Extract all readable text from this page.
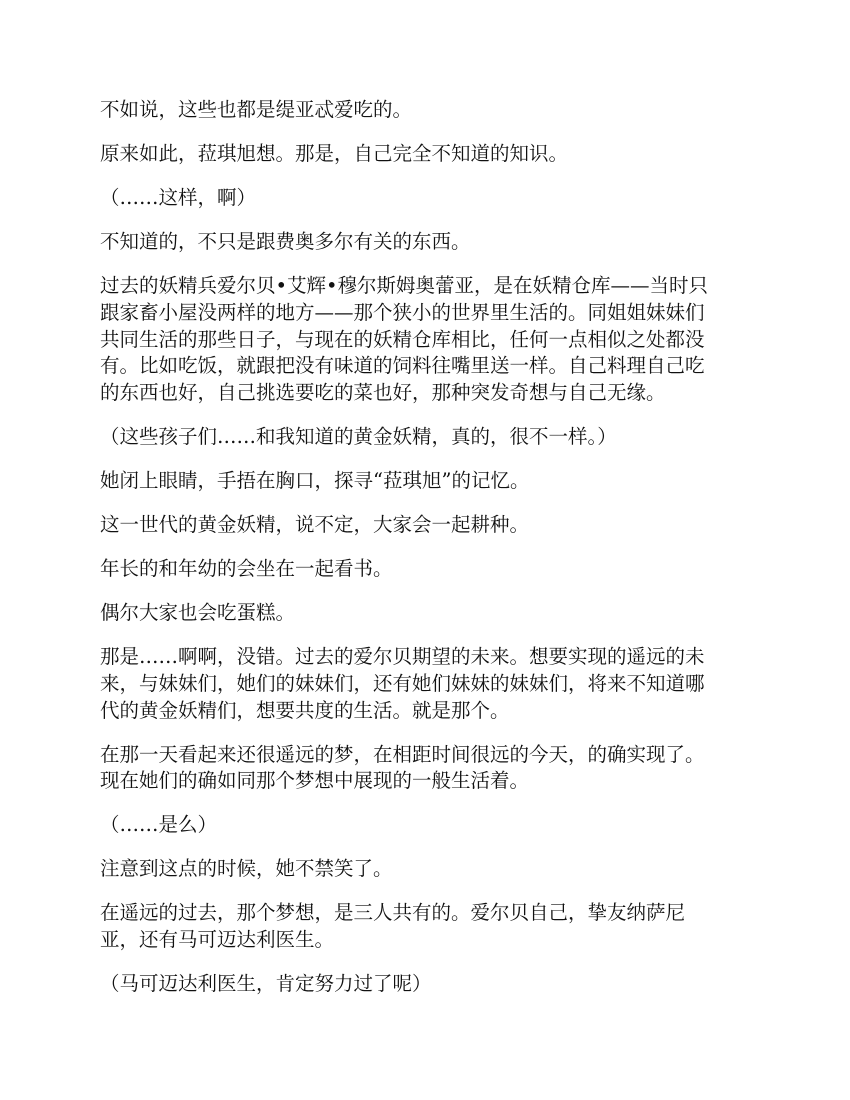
不如说，这些也都是缇亚忒爱吃的。

原来如此，菈琪旭想。那是，自己完全不知道的知识。

（……这样，啊）

不知道的，不只是跟费奥多尔有关的东西。

过去的妖精兵爱尔贝•艾辉•穆尔斯姆奥蕾亚，是在妖精仓库——当时只
跟家畜小屋没两样的地方——那个狭小的世界里生活的。同姐姐妹妹们
共同生活的那些日子，与现在的妖精仓库相比，任何一点相似之处都没
有。比如吃饭，就跟把没有味道的饲料往嘴里送一样。自己料理自己吃
的东西也好，自己挑选要吃的菜也好，那种突发奇想与自己无缘。

（这些孩子们……和我知道的黄金妖精，真的，很不一样。）

她闭上眼睛，手捂在胸口，探寻“菈琪旭”的记忆。

这一世代的黄金妖精，说不定，大家会一起耕种。

年长的和年幼的会坐在一起看书。

偶尔大家也会吃蛋糕。

那是……啊啊，没错。过去的爱尔贝期望的未来。想要实现的遥远的未
来，与妹妹们，她们的妹妹们，还有她们妹妹的妹妹们，将来不知道哪
代的黄金妖精们，想要共度的生活。就是那个。

在那一天看起来还很遥远的梦，在相距时间很远的今天，的确实现了。
现在她们的确如同那个梦想中展现的一般生活着。

（……是么）

注意到这点的时候，她不禁笑了。

在遥远的过去，那个梦想，是三人共有的。爱尔贝自己，挚友纳萨尼
亚，还有马可迈达利医生。

（马可迈达利医生，肯定努力过了呢）
